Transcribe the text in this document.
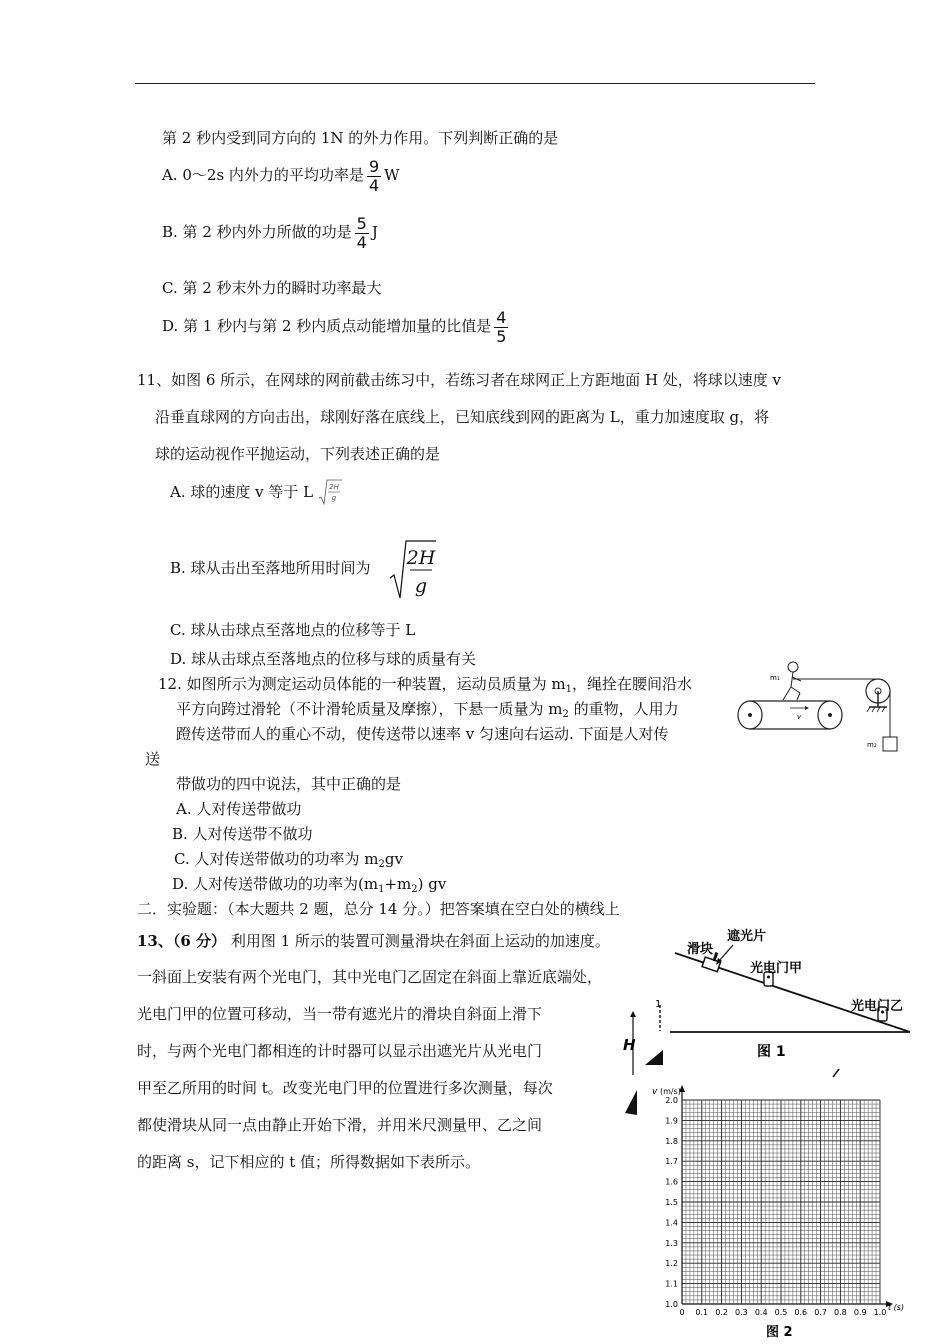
第 2 秒内受到同方向的 1N 的外力作用。下列判断正确的是
A. 0～2s 内外力的平均功率是 $\frac{9}{4}$ W
B. 第 2 秒内外力所做的功是 $\frac{5}{4}$ J
C. 第 2 秒末外力的瞬时功率最大
D. 第 1 秒内与第 2 秒内质点动能增加量的比值是 $\frac{4}{5}$
11、如图 6 所示，在网球的网前截击练习中，若练习者在球网正上方距地面 H 处，将球以速度 v
沿垂直球网的方向击出，球刚好落在底线上，已知底线到网的距离为 L，重力加速度取 g，将
球的运动视作平抛运动，下列表述正确的是
A. 球的速度 v 等于 L 2H
g
B. 球从击出至落地所用时间为 2H
g
C. 球从击球点至落地点的位移等于 L
D. 球从击球点至落地点的位移与球的质量有关
12. 如图所示为测定运动员体能的一种装置，运动员质量为 $m_1$，绳拴在腰间沿水
平方向跨过滑轮（不计滑轮质量及摩擦），下悬一质量为 $m_2$ 的重物，人用力
蹬传送带而人的重心不动，使传送带以速率 v 匀速向右运动. 下面是人对传
送
带做功的四中说法，其中正确的是
A. 人对传送带做功
B. 人对传送带不做功
C. 人对传送带做功的功率为 $m_2gv$
D. 人对传送带做功的功率为$(m_1+m_2)$ gv
v
m₁
m₂
二．实验题：（本大题共 2 题，总分 14 分。）把答案填在空白处的横线上
13、（6 分） 利用图 1 所示的装置可测量滑块在斜面上运动的加速度。
一斜面上安装有两个光电门，其中光电门乙固定在斜面上靠近底端处，
光电门甲的位置可移动，当一带有遮光片的滑块自斜面上滑下
时，与两个光电门都相连的计时器可以显示出遮光片从光电门
甲至乙所用的时间 t。改变光电门甲的位置进行多次测量，每次
都使滑块从同一点由静止开始下滑，并用米尺测量甲、乙之间
的距离 s，记下相应的 t 值；所得数据如下表所示。
滑块
遮光片
光电门甲
光电门乙
H
1
图 1
1.0
1.1
1.2
1.3
1.4
1.5
1.6
1.7
1.8
1.9
2.0
0 0.1 0.2 0.3 0.4 0.5 0.6 0.7 0.8 0.9 1.0
v (m/s)
t (s)
图 2
